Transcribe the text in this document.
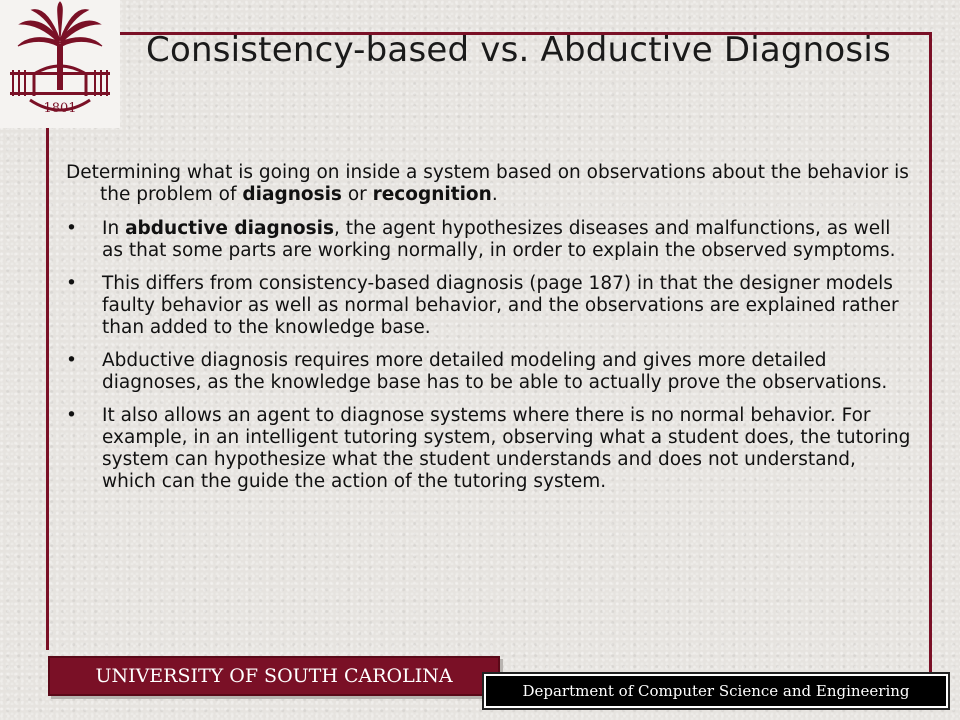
1801
Consistency-based vs. Abductive Diagnosis

Determining what is going on inside a system based on observations about the behavior is the problem of diagnosis or recognition.

• In abductive diagnosis, the agent hypothesizes diseases and malfunctions, as well as that some parts are working normally, in order to explain the observed symptoms.
• This differs from consistency-based diagnosis (page 187) in that the designer models faulty behavior as well as normal behavior, and the observations are explained rather than added to the knowledge base.
• Abductive diagnosis requires more detailed modeling and gives more detailed diagnoses, as the knowledge base has to be able to actually prove the observations.
• It also allows an agent to diagnose systems where there is no normal behavior. For example, in an intelligent tutoring system, observing what a student does, the tutoring system can hypothesize what the student understands and does not understand, which can the guide the action of the tutoring system.
UNIVERSITY OF SOUTH CAROLINA
Department of Computer Science and Engineering
